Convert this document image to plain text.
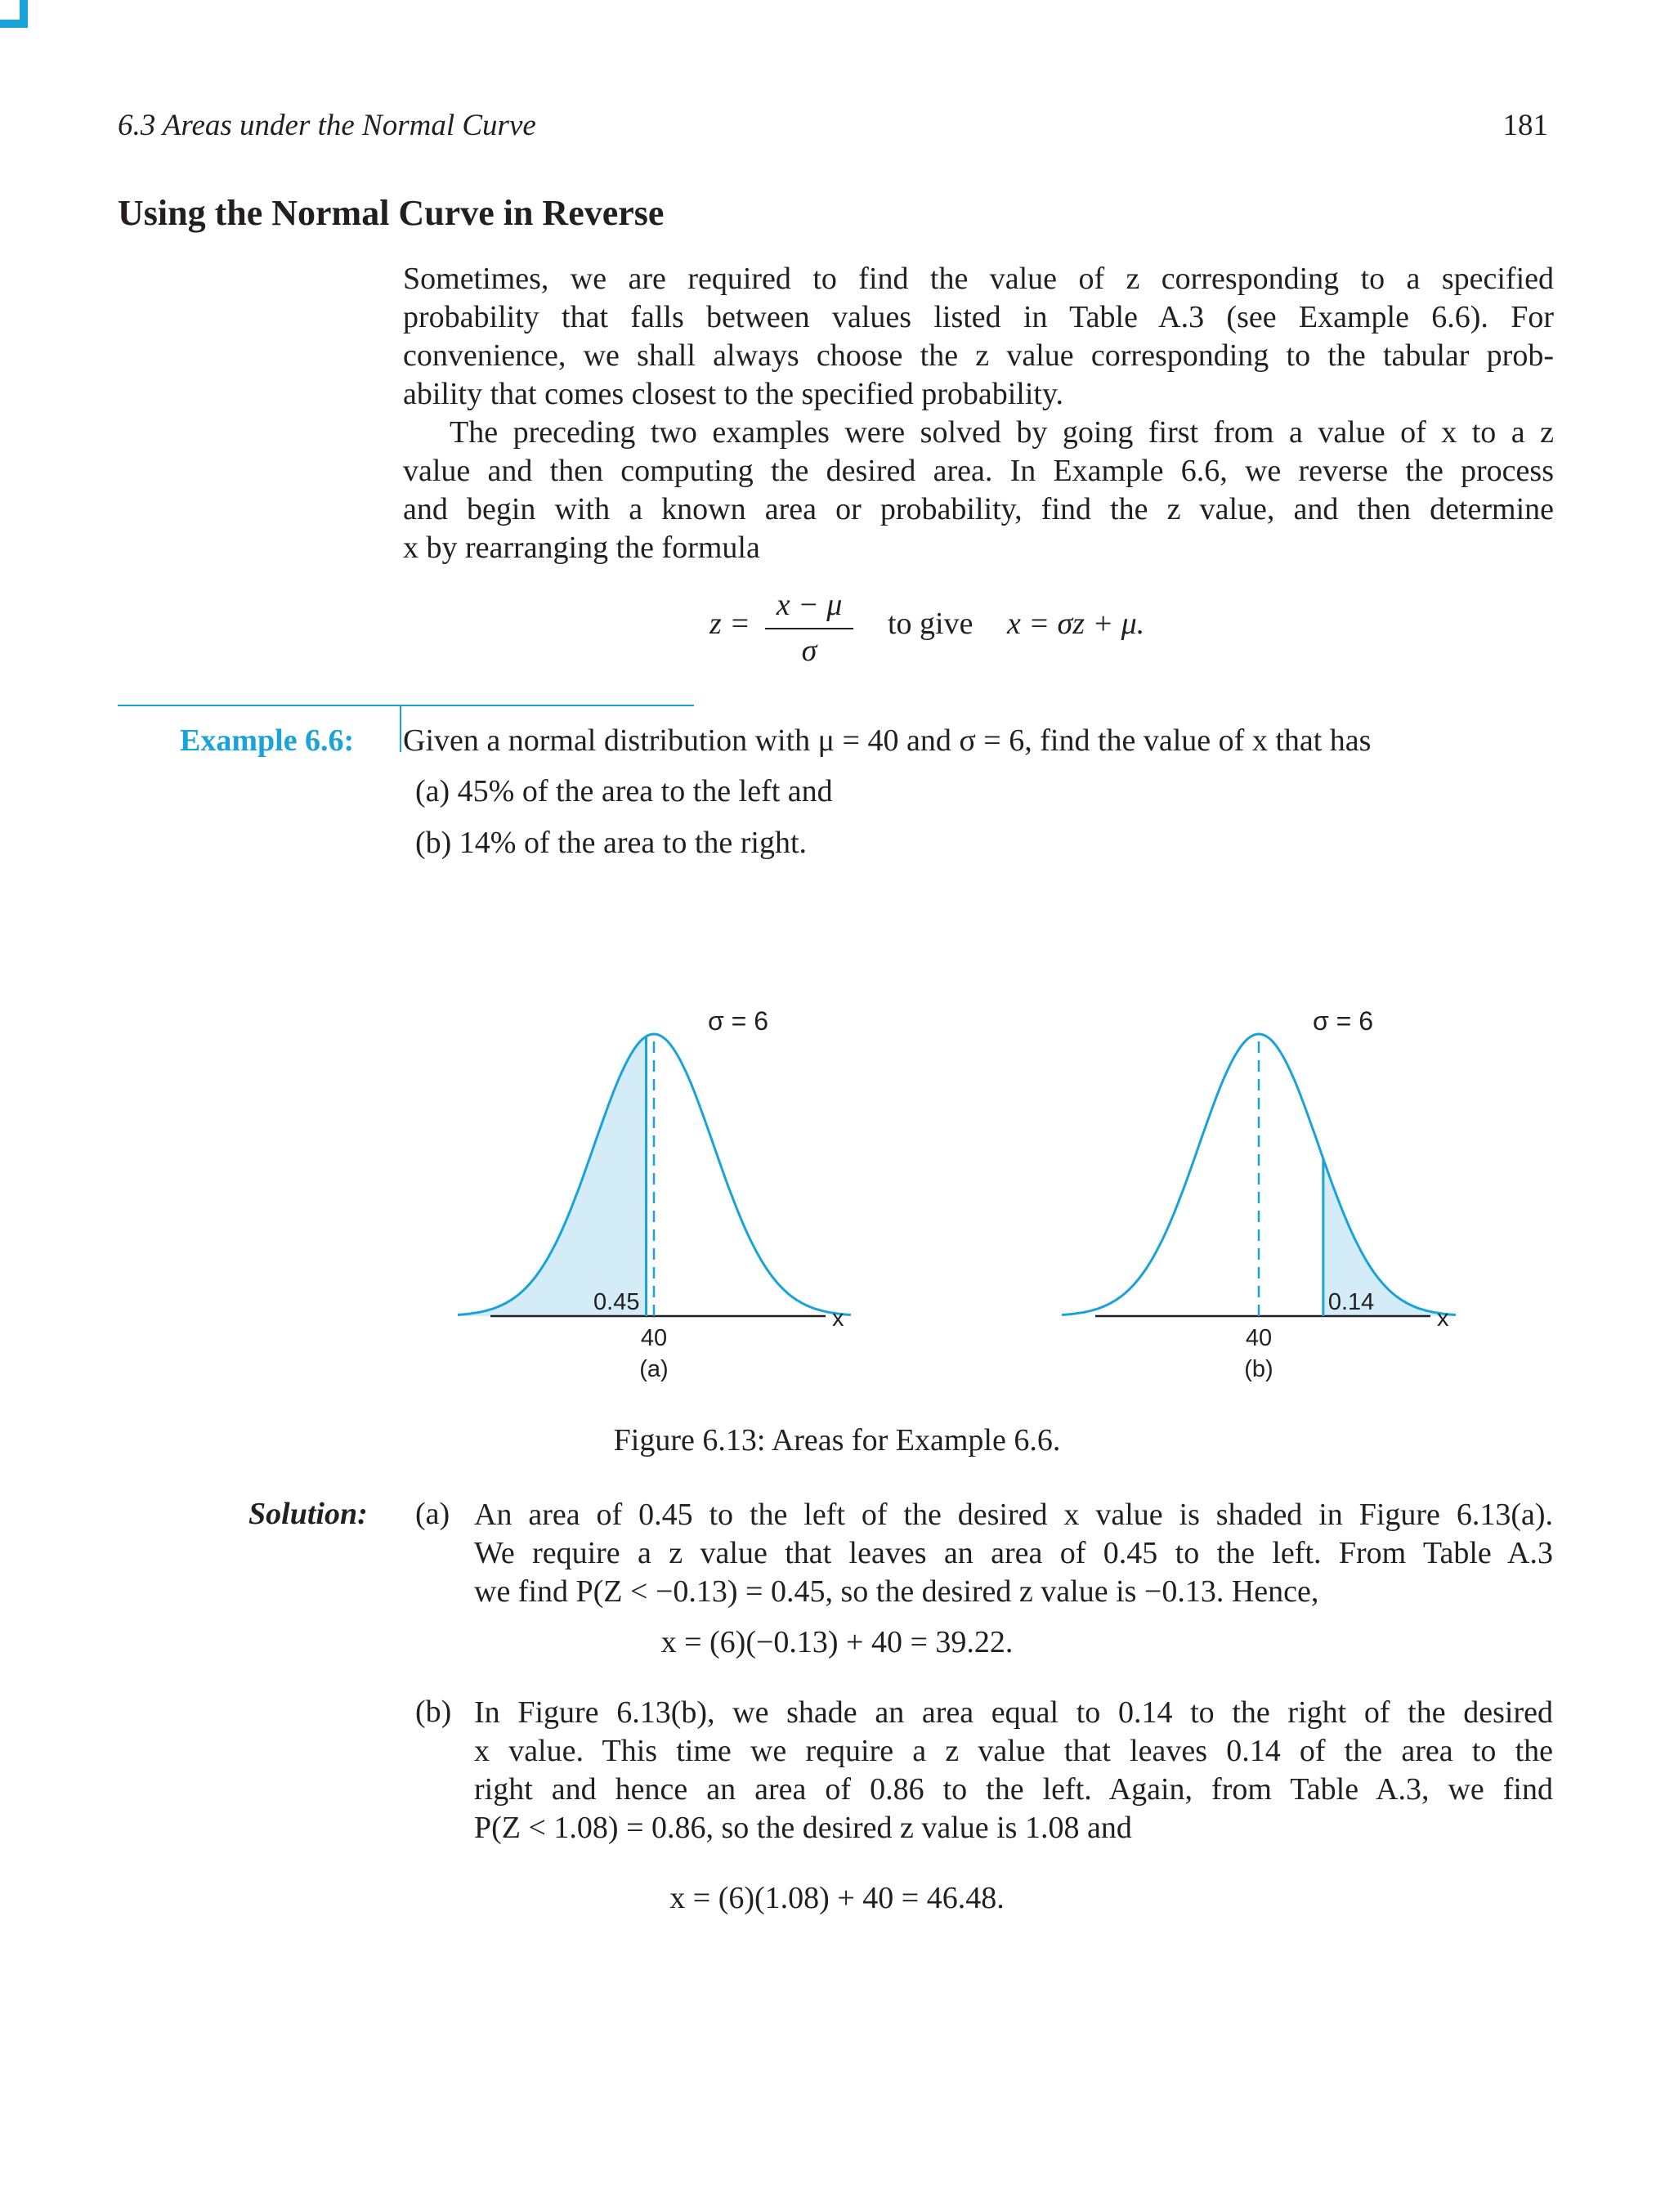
6.3 Areas under the Normal Curve	181
Using the Normal Curve in Reverse
Sometimes, we are required to find the value of z corresponding to a specified
probability that falls between values listed in Table A.3 (see Example 6.6). For
convenience, we shall always choose the z value corresponding to the tabular prob-
ability that comes closest to the specified probability.
The preceding two examples were solved by going first from a value of x to a z
value and then computing the desired area. In Example 6.6, we reverse the process
and begin with a known area or probability, find the z value, and then determine
x by rearranging the formula
z =
x − μ
σ
to give x = σz + μ.
Example 6.6: Given a normal distribution with μ = 40 and σ = 6, find the value of x that has
(a) 45% of the area to the left and
(b) 14% of the area to the right.
σ = 6
0.45
40
(a)
x
σ = 6
0.14
40
(b)
x
Figure 6.13: Areas for Example 6.6.
Solution: (a) An area of 0.45 to the left of the desired x value is shaded in Figure 6.13(a).
We require a z value that leaves an area of 0.45 to the left. From Table A.3
we find P(Z < −0.13) = 0.45, so the desired z value is −0.13. Hence,
x = (6)(−0.13) + 40 = 39.22.
(b) In Figure 6.13(b), we shade an area equal to 0.14 to the right of the desired
x value. This time we require a z value that leaves 0.14 of the area to the
right and hence an area of 0.86 to the left. Again, from Table A.3, we find
P(Z < 1.08) = 0.86, so the desired z value is 1.08 and
x = (6)(1.08) + 40 = 46.48.
